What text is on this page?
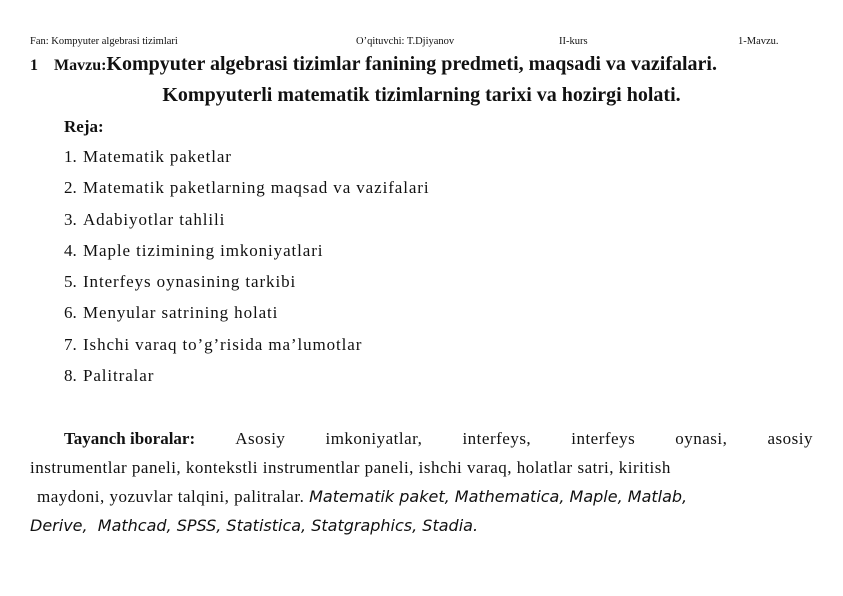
Fan: Kompyuter algebrasi tizimlari	O’qituvchi: T.Djiyanov	II-kurs	1-Mavzu.
1 Mavzu:Kompyuter algebrasi tizimlar fanining predmeti, maqsadi va vazifalari.
Kompyuterli matematik tizimlarning tarixi va hozirgi holati.
Reja:
1. Matematik paketlar
2. Matematik paketlarning maqsad va vazifalari
3. Adabiyotlar tahlili
4. Maple tizimining imkoniyatlari
5. Interfeys oynasining tarkibi
6. Menyular satrining holati
7. Ishchi varaq to’g’risida ma’lumotlar
8. Palitralar
Tayanch iboralar: Asosiy imkoniyatlar, interfeys, interfeys oynasi, asosiy
instrumentlar paneli, kontekstli instrumentlar paneli, ishchi varaq, holatlar satri, kiritish
maydoni, yozuvlar talqini, palitralar. Matematik paket, Mathematica, Maple, Matlab,
Derive,  Mathcad, SPSS, Statistica, Statgraphics, Stadia.
